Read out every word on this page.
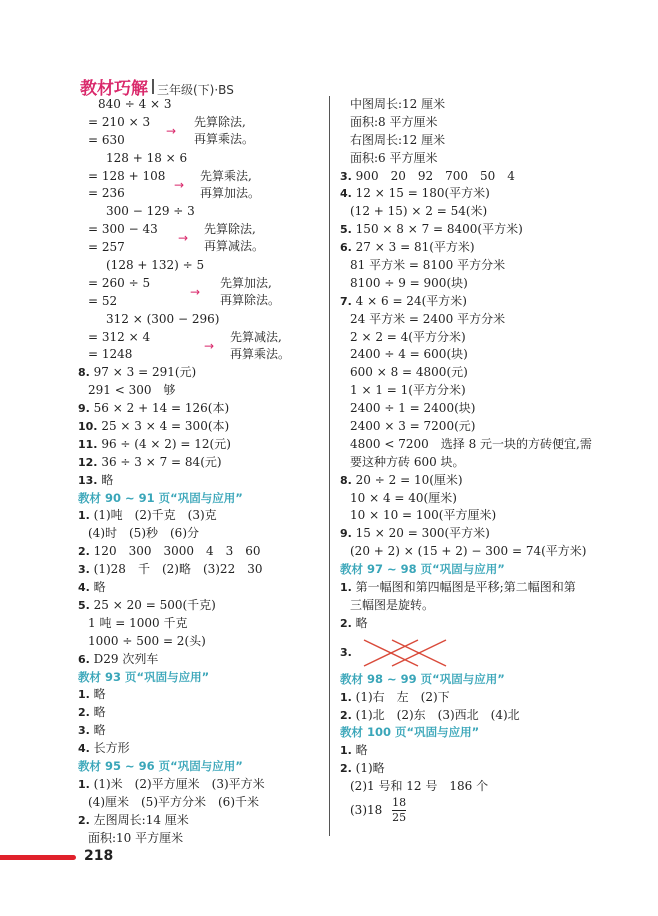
教材巧解 三年级(下)·BS
840 ÷ 4 × 3
= 210 × 3
= 630
→
先算除法,
再算乘法。
128 + 18 × 6
= 128 + 108
= 236
→
先算乘法,
再算加法。
300 − 129 ÷ 3
= 300 − 43
= 257
→
先算除法,
再算减法。
(128 + 132) ÷ 5
= 260 ÷ 5
= 52
→
先算加法,
再算除法。
312 × (300 − 296)
= 312 × 4
= 1248
→
先算减法,
再算乘法。
8. 97 × 3 = 291(元)
291 < 300　够
9. 56 × 2 + 14 = 126(本)
10. 25 × 3 × 4 = 300(本)
11. 96 ÷ (4 × 2) = 12(元)
12. 36 ÷ 3 × 7 = 84(元)
13. 略
教材 90 ~ 91 页“巩固与应用”
1. (1)吨　(2)千克　(3)克
(4)时　(5)秒　(6)分
2. 120　300　3000　4　3　60
3. (1)28　千　(2)略　(3)22　30
4. 略
5. 25 × 20 = 500(千克)
1 吨 = 1000 千克
1000 ÷ 500 = 2(头)
6. D29 次列车
教材 93 页“巩固与应用”
1. 略
2. 略
3. 略
4. 长方形
教材 95 ~ 96 页“巩固与应用”
1. (1)米　(2)平方厘米　(3)平方米
(4)厘米　(5)平方分米　(6)千米
2. 左图周长:14 厘米
面积:10 平方厘米
中图周长:12 厘米
面积:8 平方厘米
右图周长:12 厘米
面积:6 平方厘米
3. 900　20　92　700　50　4
4. 12 × 15 = 180(平方米)
(12 + 15) × 2 = 54(米)
5. 150 × 8 × 7 = 8400(平方米)
6. 27 × 3 = 81(平方米)
81 平方米 = 8100 平方分米
8100 ÷ 9 = 900(块)
7. 4 × 6 = 24(平方米)
24 平方米 = 2400 平方分米
2 × 2 = 4(平方分米)
2400 ÷ 4 = 600(块)
600 × 8 = 4800(元)
1 × 1 = 1(平方分米)
2400 ÷ 1 = 2400(块)
2400 × 3 = 7200(元)
4800 < 7200　选择 8 元一块的方砖便宜,需
要这种方砖 600 块。
8. 20 ÷ 2 = 10(厘米)
10 × 4 = 40(厘米)
10 × 10 = 100(平方厘米)
9. 15 × 20 = 300(平方米)
(20 + 2) × (15 + 2) − 300 = 74(平方米)
教材 97 ~ 98 页“巩固与应用”
1. 第一幅图和第四幅图是平移;第二幅图和第
三幅图是旋转。
2. 略
3.
教材 98 ~ 99 页“巩固与应用”
1. (1)右　左　(2)下
2. (1)北　(2)东　(3)西北　(4)北
教材 100 页“巩固与应用”
1. 略
2. (1)略
(2)1 号和 12 号　186 个
$(3)18 \frac{18}{25}$
218
